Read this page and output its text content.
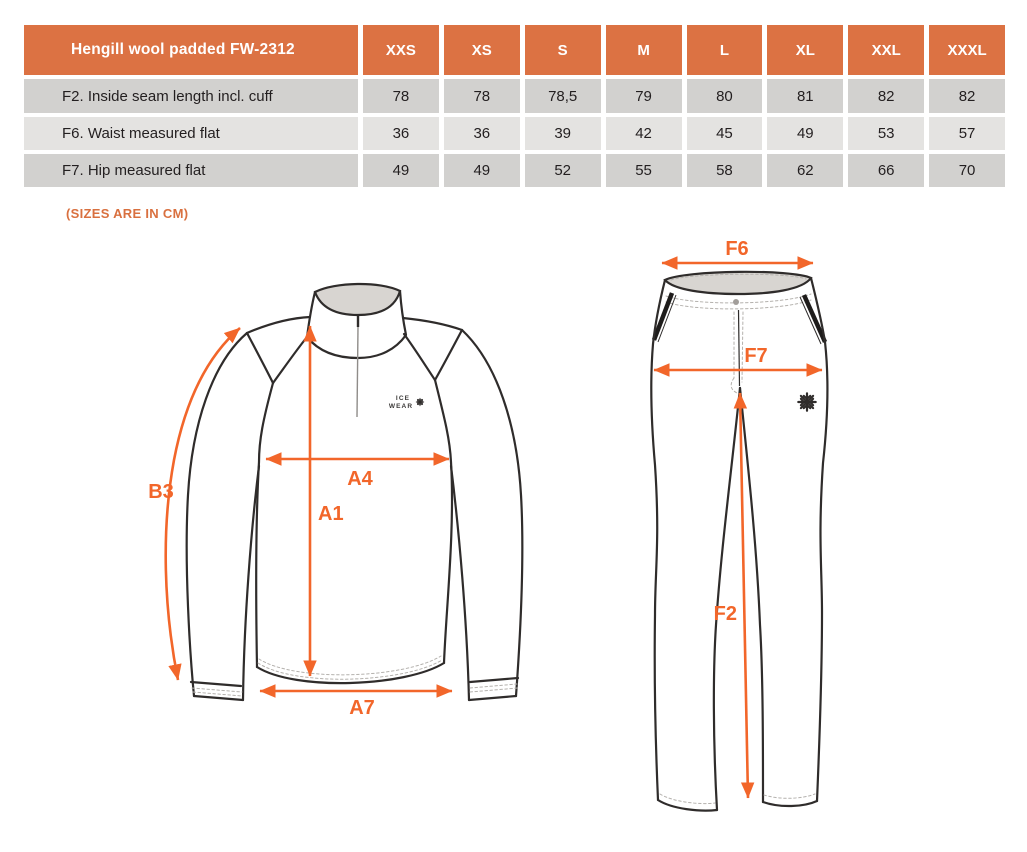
Hengill wool padded FW-2312	XXS	XS	S	M	L	XL	XXL	XXXL
F2. Inside seam length incl. cuff	78	78	78,5	79	80	81	82	82
F6. Waist measured flat	36	36	39	42	45	49	53	57
F7. Hip measured flat	49	49	52	55	58	62	66	70
(SIZES ARE IN CM)
ICE
WEAR
B3
A4
A1
A7
F6
F7
F2
